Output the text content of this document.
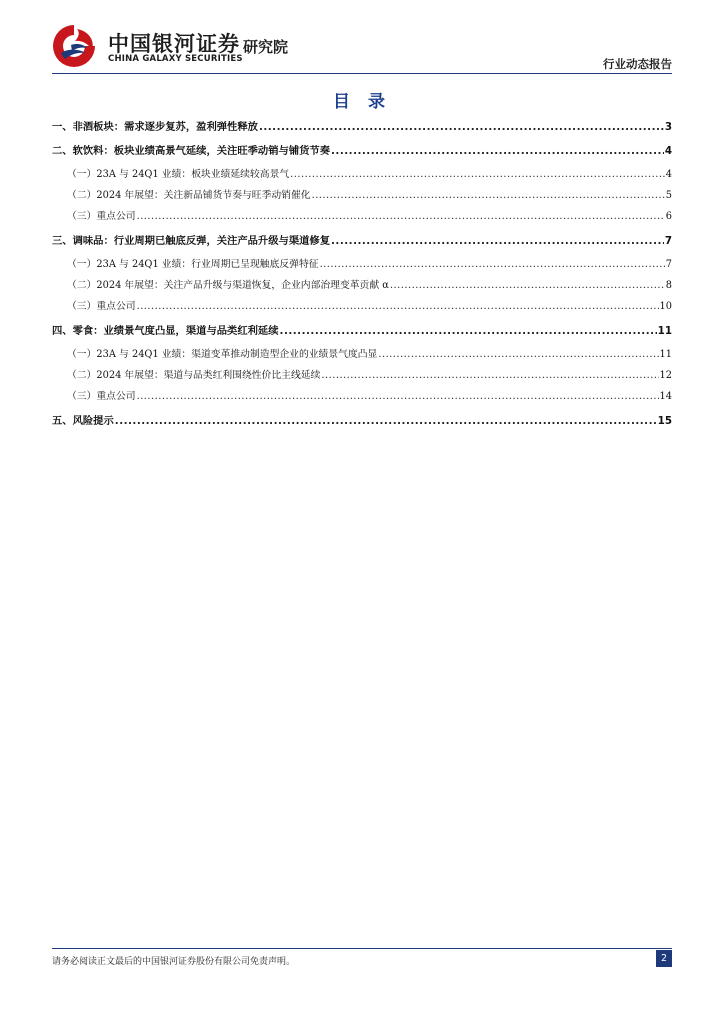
中国银河证券
CHINA GALAXY SECURITIES
研究院
行业动态报告
目 录
一、非酒板块：需求逐步复苏，盈利弹性释放 .....	3
二、软饮料：板块业绩高景气延续，关注旺季动销与铺货节奏 .....	4
（一）23A 与 24Q1 业绩：板块业绩延续较高景气 .....	4
（二）2024 年展望：关注新品铺货节奏与旺季动销催化 .....	5
（三）重点公司 .....	6
三、调味品：行业周期已触底反弹，关注产品升级与渠道修复 .....	7
（一）23A 与 24Q1 业绩：行业周期已呈现触底反弹特征 .....	7
（二）2024 年展望：关注产品升级与渠道恢复，企业内部治理变革贡献 α .....	8
（三）重点公司 .....	10
四、零食：业绩景气度凸显，渠道与品类红利延续 .....	11
（一）23A 与 24Q1 业绩：渠道变革推动制造型企业的业绩景气度凸显 .....	11
（二）2024 年展望：渠道与品类红利围绕性价比主线延续 .....	12
（三）重点公司 .....	14
五、风险提示 .....	15
请务必阅读正文最后的中国银河证券股份有限公司免责声明。	2
